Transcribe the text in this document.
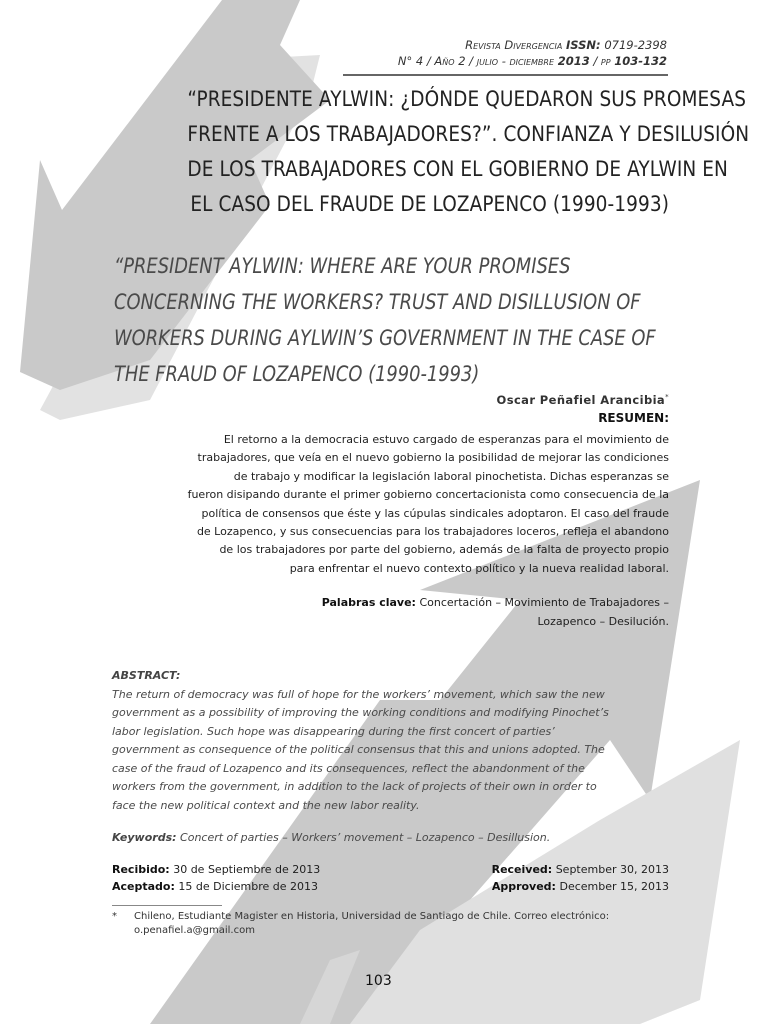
Revista Divergencia ISSN: 0719-2398
N° 4 / Año 2 / julio - diciembre 2013 / pp 103-132
“PRESIDENTE AYLWIN: ¿DÓNDE QUEDARON SUS PROMESAS
FRENTE A LOS TRABAJADORES?”. CONFIANZA Y DESILUSIÓN
DE LOS TRABAJADORES CON EL GOBIERNO DE AYLWIN EN
EL CASO DEL FRAUDE DE LOZAPENCO (1990-1993)
“PRESIDENT AYLWIN: WHERE ARE YOUR PROMISES
CONCERNING THE WORKERS? TRUST AND DISILLUSION OF
WORKERS DURING AYLWIN’S GOVERNMENT IN THE CASE OF
THE FRAUD OF LOZAPENCO (1990-1993)
Oscar Peñafiel Arancibia*
RESUMEN:
El retorno a la democracia estuvo cargado de esperanzas para el movimiento de
trabajadores, que veía en el nuevo gobierno la posibilidad de mejorar las condiciones
de trabajo y modificar la legislación laboral pinochetista. Dichas esperanzas se
fueron disipando durante el primer gobierno concertacionista como consecuencia de la
política de consensos que éste y las cúpulas sindicales adoptaron. El caso del fraude
de Lozapenco, y sus consecuencias para los trabajadores loceros, refleja el abandono
de los trabajadores por parte del gobierno, además de la falta de proyecto propio
para enfrentar el nuevo contexto político y la nueva realidad laboral.
Palabras clave: Concertación – Movimiento de Trabajadores –
Lozapenco – Desilución.
ABSTRACT:
The return of democracy was full of hope for the workers’ movement, which saw the new
government as a possibility of improving the working conditions and modifying Pinochet’s
labor legislation. Such hope was disappearing during the first concert of parties’
government as consequence of the political consensus that this and unions adopted. The
case of the fraud of Lozapenco and its consequences, reflect the abandonment of the
workers from the government, in addition to the lack of projects of their own in order to
face the new political context and the new labor reality.
Keywords: Concert of parties – Workers’ movement – Lozapenco – Desillusion.
Recibido: 30 de Septiembre de 2013
Aceptado: 15 de Diciembre de 2013
Received: September 30, 2013
Approved: December 15, 2013
* Chileno, Estudiante Magister en Historia, Universidad de Santiago de Chile. Correo electrónico:
o.penafiel.a@gmail.com
103
